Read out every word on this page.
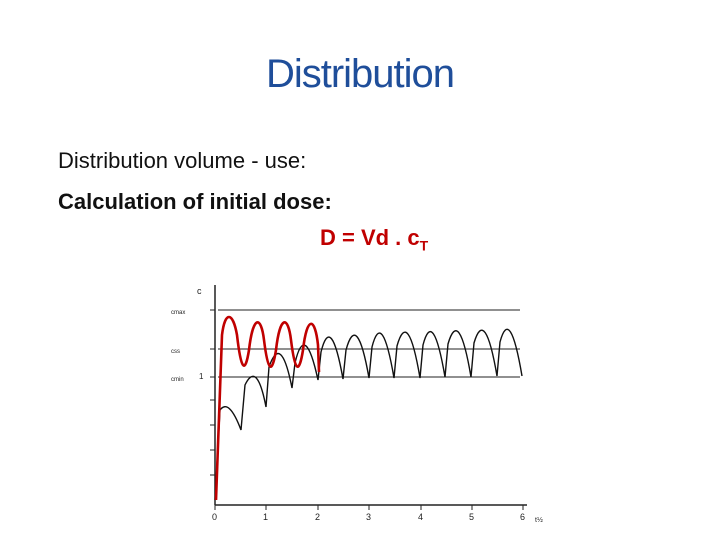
Distribution
Distribution volume - use:
Calculation of initial dose:
D = Vd . $c_T$
c
cmax
css
cmin 1
0	1	2	3	4	5	6 t½
